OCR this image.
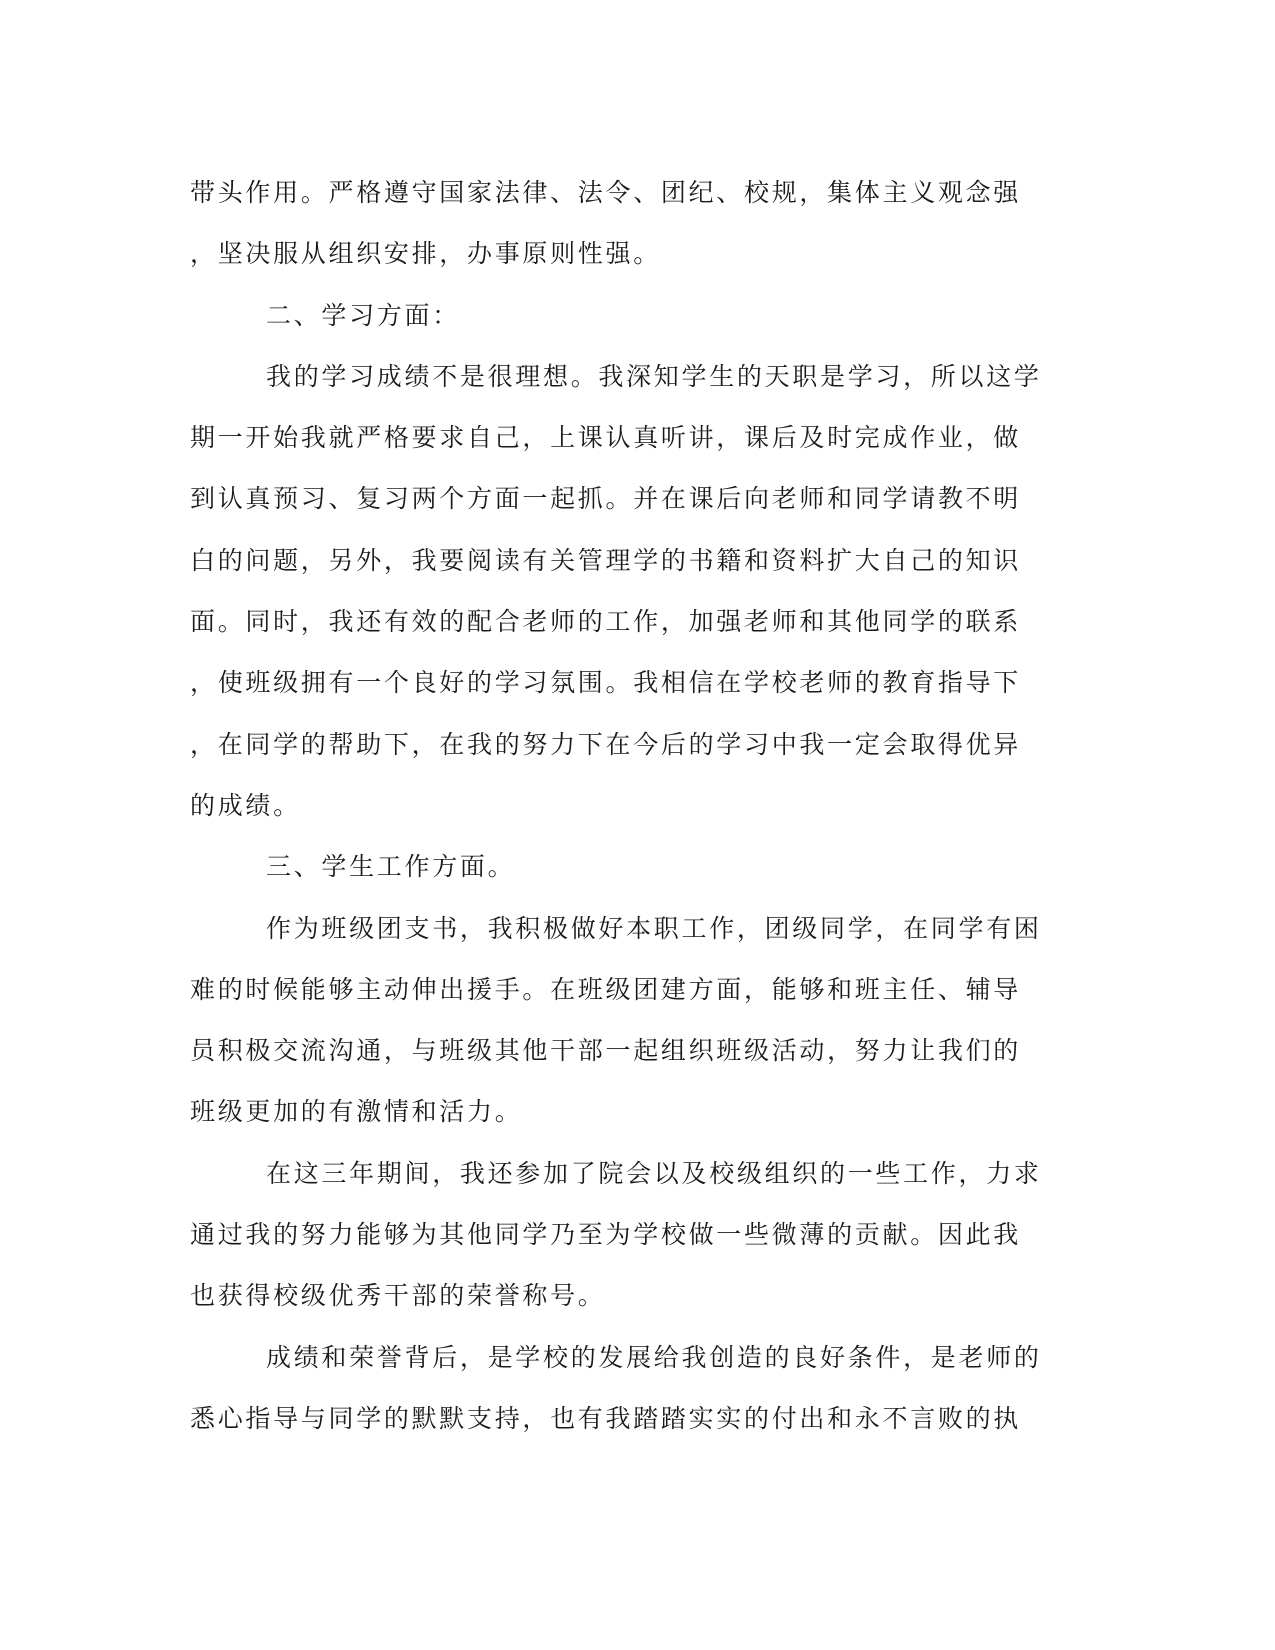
带头作用。严格遵守国家法律、法令、团纪、校规，集体主义观念强
，坚决服从组织安排，办事原则性强。
二、学习方面：
我的学习成绩不是很理想。我深知学生的天职是学习，所以这学
期一开始我就严格要求自己，上课认真听讲，课后及时完成作业，做
到认真预习、复习两个方面一起抓。并在课后向老师和同学请教不明
白的问题，另外，我要阅读有关管理学的书籍和资料扩大自己的知识
面。同时，我还有效的配合老师的工作，加强老师和其他同学的联系
，使班级拥有一个良好的学习氛围。我相信在学校老师的教育指导下
，在同学的帮助下，在我的努力下在今后的学习中我一定会取得优异
的成绩。
三、学生工作方面。
作为班级团支书，我积极做好本职工作，团级同学，在同学有困
难的时候能够主动伸出援手。在班级团建方面，能够和班主任、辅导
员积极交流沟通，与班级其他干部一起组织班级活动，努力让我们的
班级更加的有激情和活力。
在这三年期间，我还参加了院会以及校级组织的一些工作，力求
通过我的努力能够为其他同学乃至为学校做一些微薄的贡献。因此我
也获得校级优秀干部的荣誉称号。
成绩和荣誉背后，是学校的发展给我创造的良好条件，是老师的
悉心指导与同学的默默支持，也有我踏踏实实的付出和永不言败的执
